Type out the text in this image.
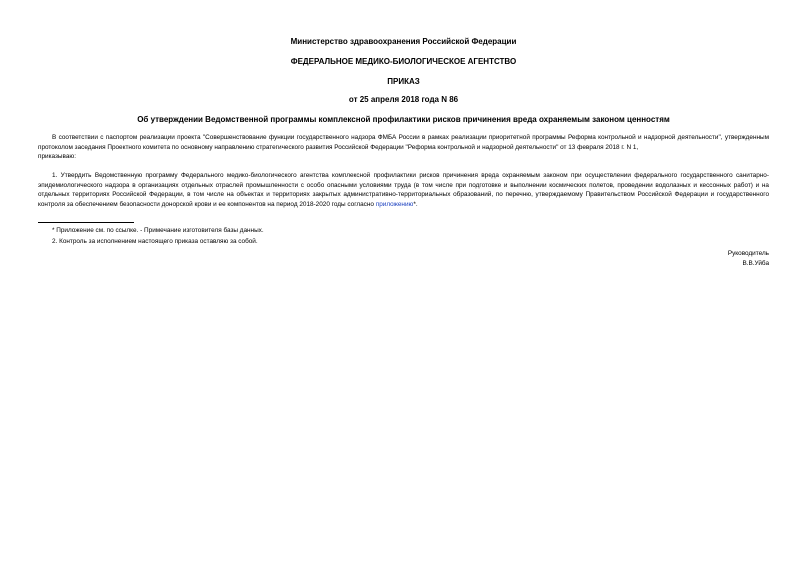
Министерство здравоохранения Российской Федерации
ФЕДЕРАЛЬНОЕ МЕДИКО-БИОЛОГИЧЕСКОЕ АГЕНТСТВО
ПРИКАЗ
от 25 апреля 2018 года N 86
Об утверждении Ведомственной программы комплексной профилактики рисков причинения вреда охраняемым законом ценностям
В соответствии с паспортом реализации проекта "Совершенствование функции государственного надзора ФМБА России в рамках реализации приоритетной программы Реформа контрольной и надзорной деятельности", утвержденным протоколом заседания Проектного комитета по основному направлению стратегического развития Российской Федерации "Реформа контрольной и надзорной деятельности" от 13 февраля 2018 г. N 1,
приказываю:
1. Утвердить Ведомственную программу Федерального медико-биологического агентства комплексной профилактики рисков причинения вреда охраняемым законом при осуществлении федерального государственного санитарно-эпидемиологического надзора в организациях отдельных отраслей промышленности с особо опасными условиями труда (в том числе при подготовке и выполнении космических полетов, проведении водолазных и кессонных работ) и на отдельных территориях Российской Федерации, в том числе на объектах и территориях закрытых административно-территориальных образований, по перечню, утверждаемому Правительством Российской Федерации и государственного контроля за обеспечением безопасности донорской крови и ее компонентов на период 2018-2020 годы согласно приложению*.
* Приложение см. по ссылке. - Примечание изготовителя базы данных.
2. Контроль за исполнением настоящего приказа оставляю за собой.
Руководитель
В.В.Уйба
